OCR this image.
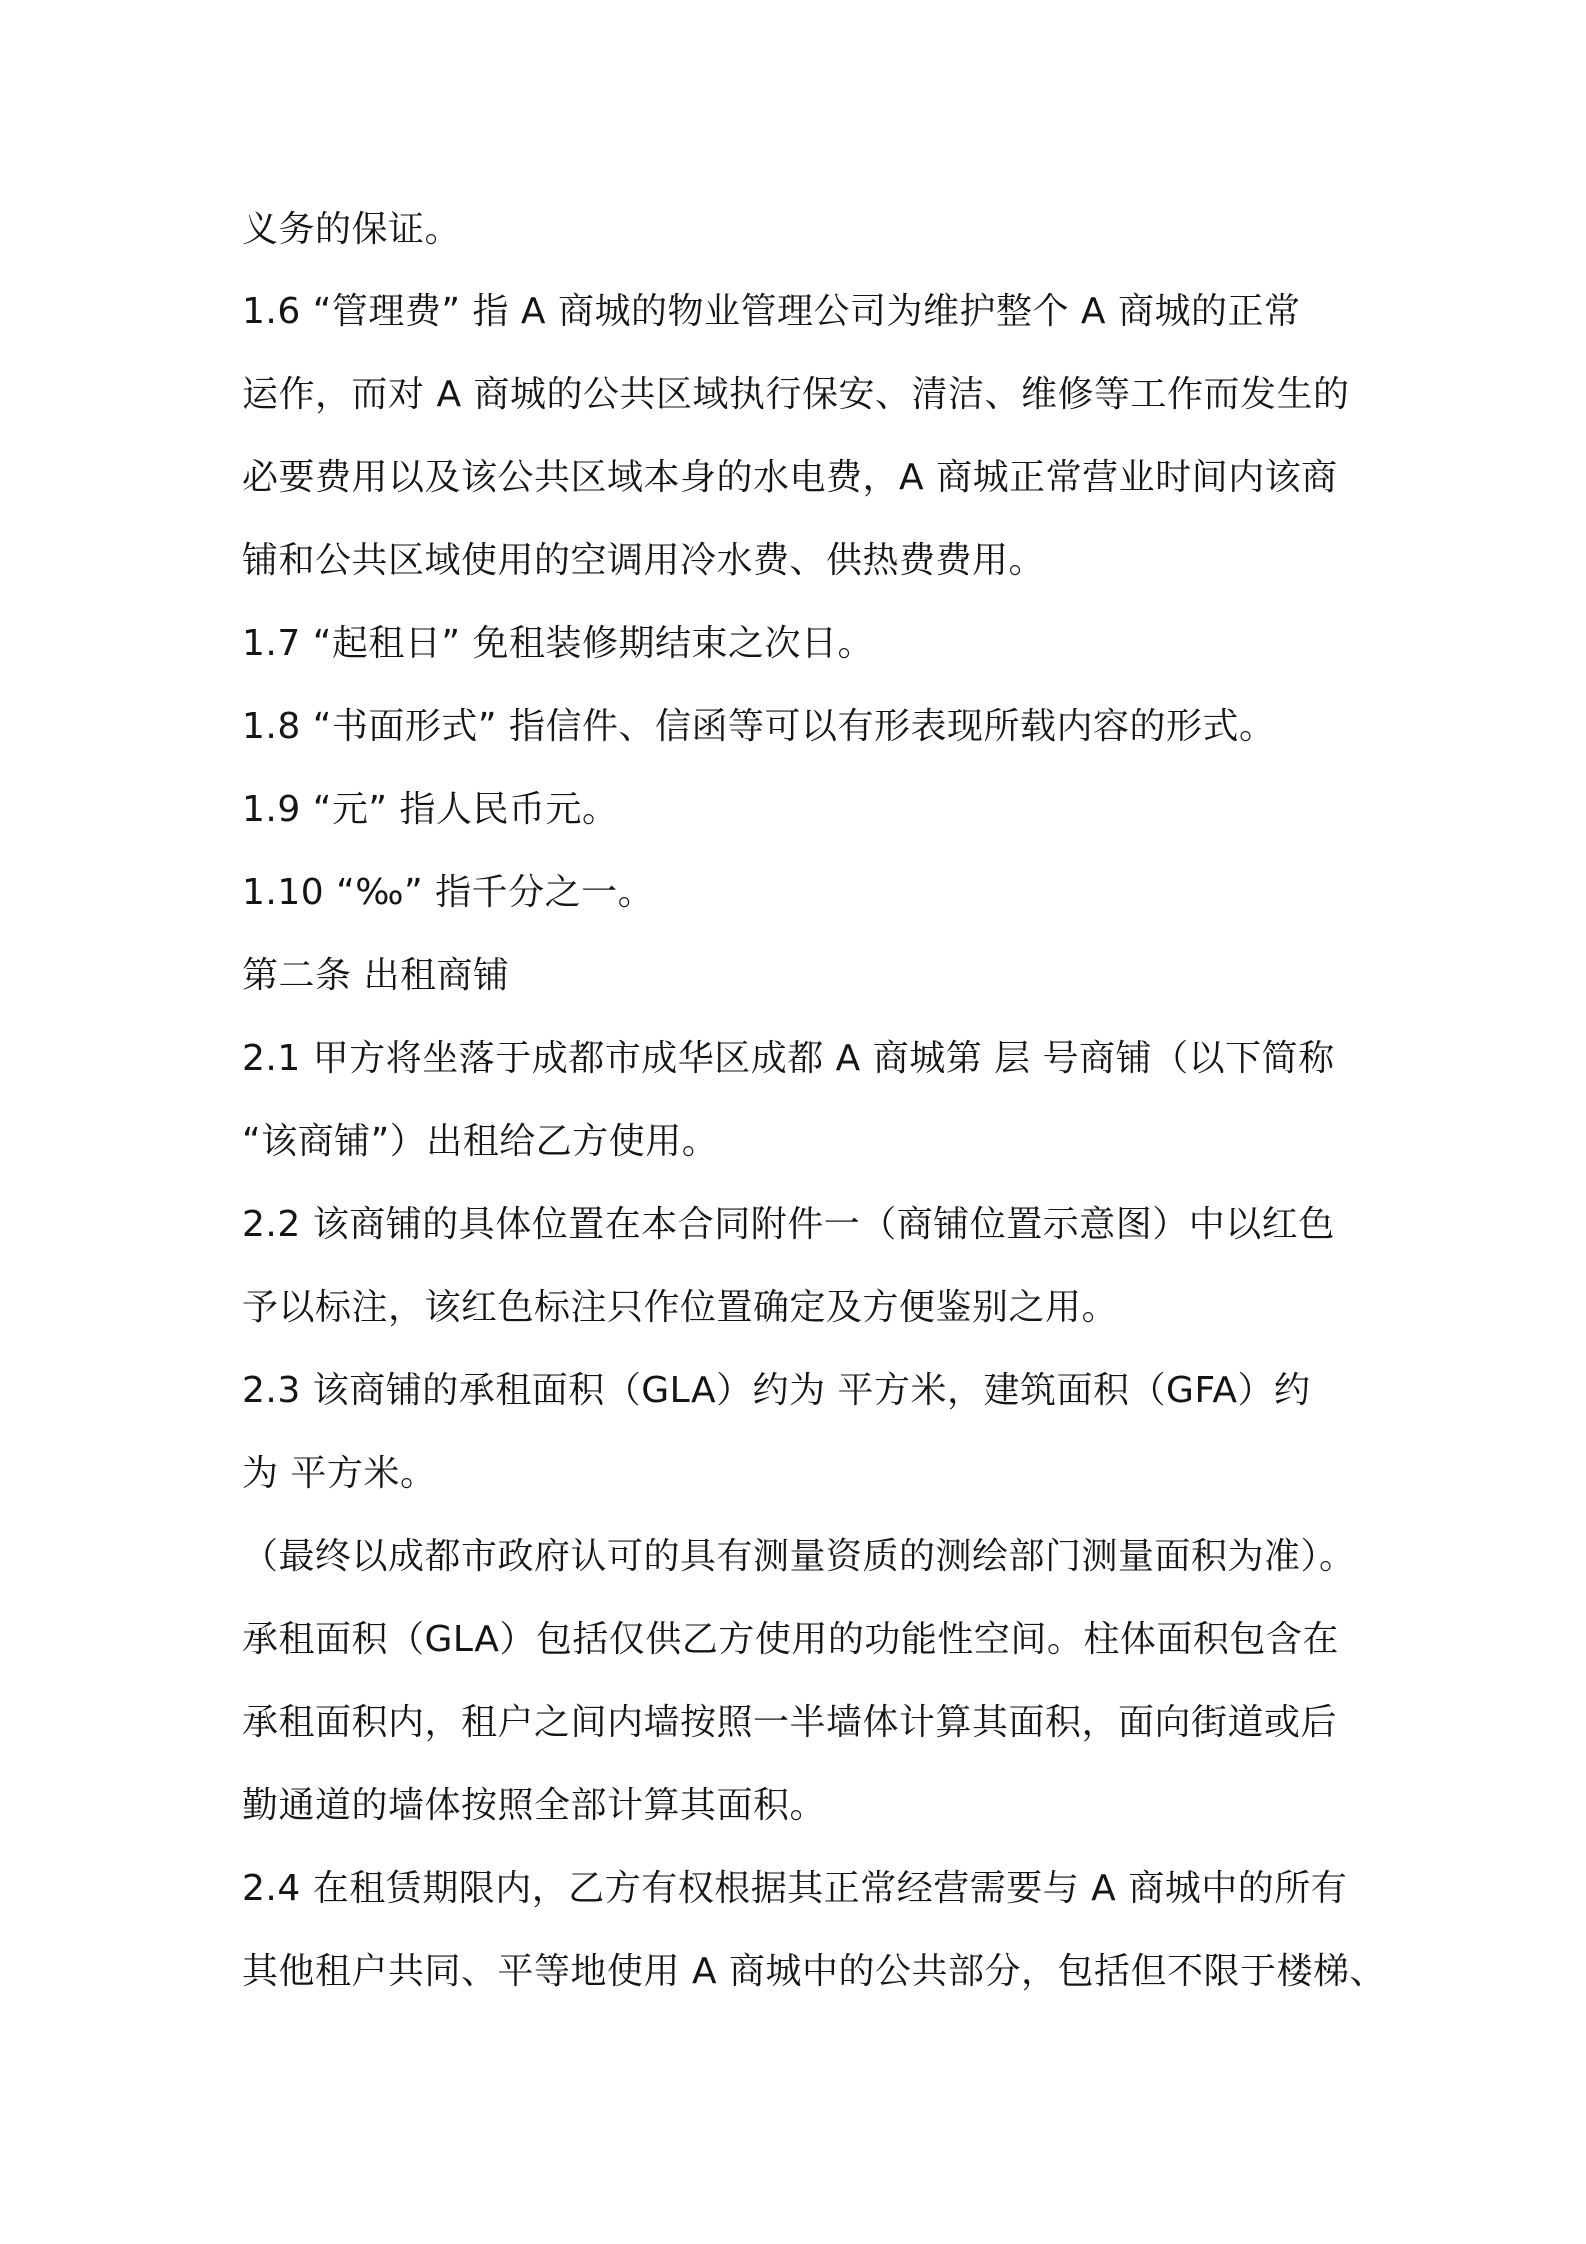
义务的保证。
1.6 “管理费” 指 A 商城的物业管理公司为维护整个 A 商城的正常
运作，而对 A 商城的公共区域执行保安、清洁、维修等工作而发生的
必要费用以及该公共区域本身的水电费，A 商城正常营业时间内该商
铺和公共区域使用的空调用冷水费、供热费费用。
1.7 “起租日” 免租装修期结束之次日。
1.8 “书面形式” 指信件、信函等可以有形表现所载内容的形式。
1.9 “元” 指人民币元。
1.10 “‰” 指千分之一。
第二条 出租商铺
2.1 甲方将坐落于成都市成华区成都 A 商城第 层 号商铺（以下简称
“该商铺”）出租给乙方使用。
2.2 该商铺的具体位置在本合同附件一（商铺位置示意图）中以红色
予以标注，该红色标注只作位置确定及方便鉴别之用。
2.3 该商铺的承租面积（GLA）约为 平方米，建筑面积（GFA）约
为 平方米。
（最终以成都市政府认可的具有测量资质的测绘部门测量面积为准）。
承租面积（GLA）包括仅供乙方使用的功能性空间。柱体面积包含在
承租面积内，租户之间内墙按照一半墙体计算其面积，面向街道或后
勤通道的墙体按照全部计算其面积。
2.4 在租赁期限内，乙方有权根据其正常经营需要与 A 商城中的所有
其他租户共同、平等地使用 A 商城中的公共部分，包括但不限于楼梯、
